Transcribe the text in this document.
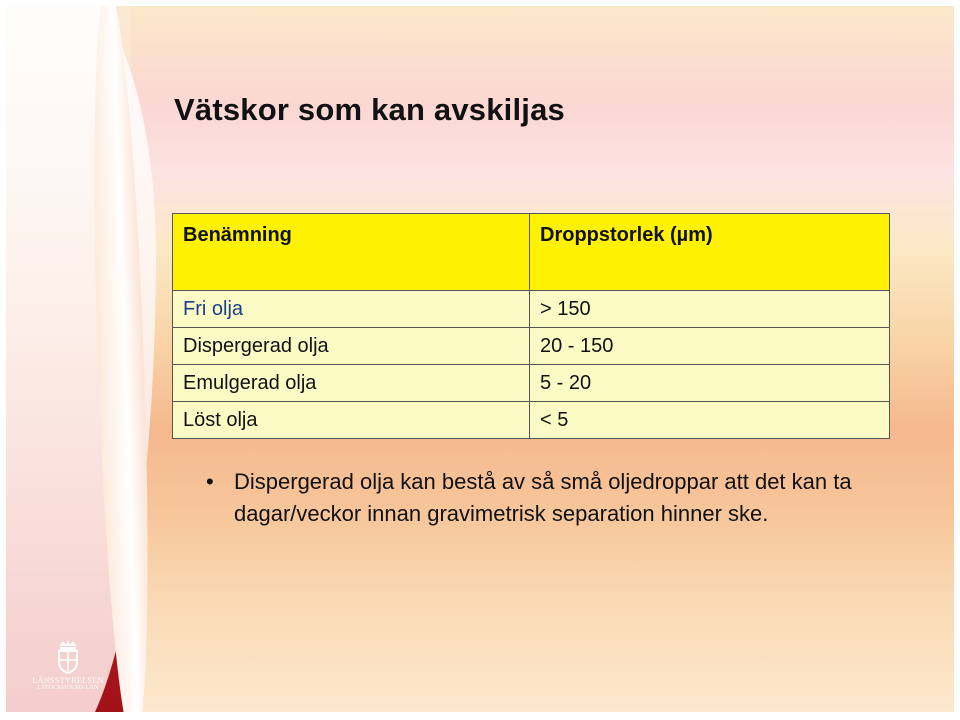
Vätskor som kan avskiljas
Benämning	Droppstorlek (µm)
Fri olja	> 150
Dispergerad olja	20 - 150
Emulgerad olja	5 - 20
Löst olja	< 5
• Dispergerad olja kan bestå av så små oljedroppar att det kan ta dagar/veckor innan gravimetrisk separation hinner ske.
LÄNSSTYRELSEN
I STOCKHOLMS LÄN
